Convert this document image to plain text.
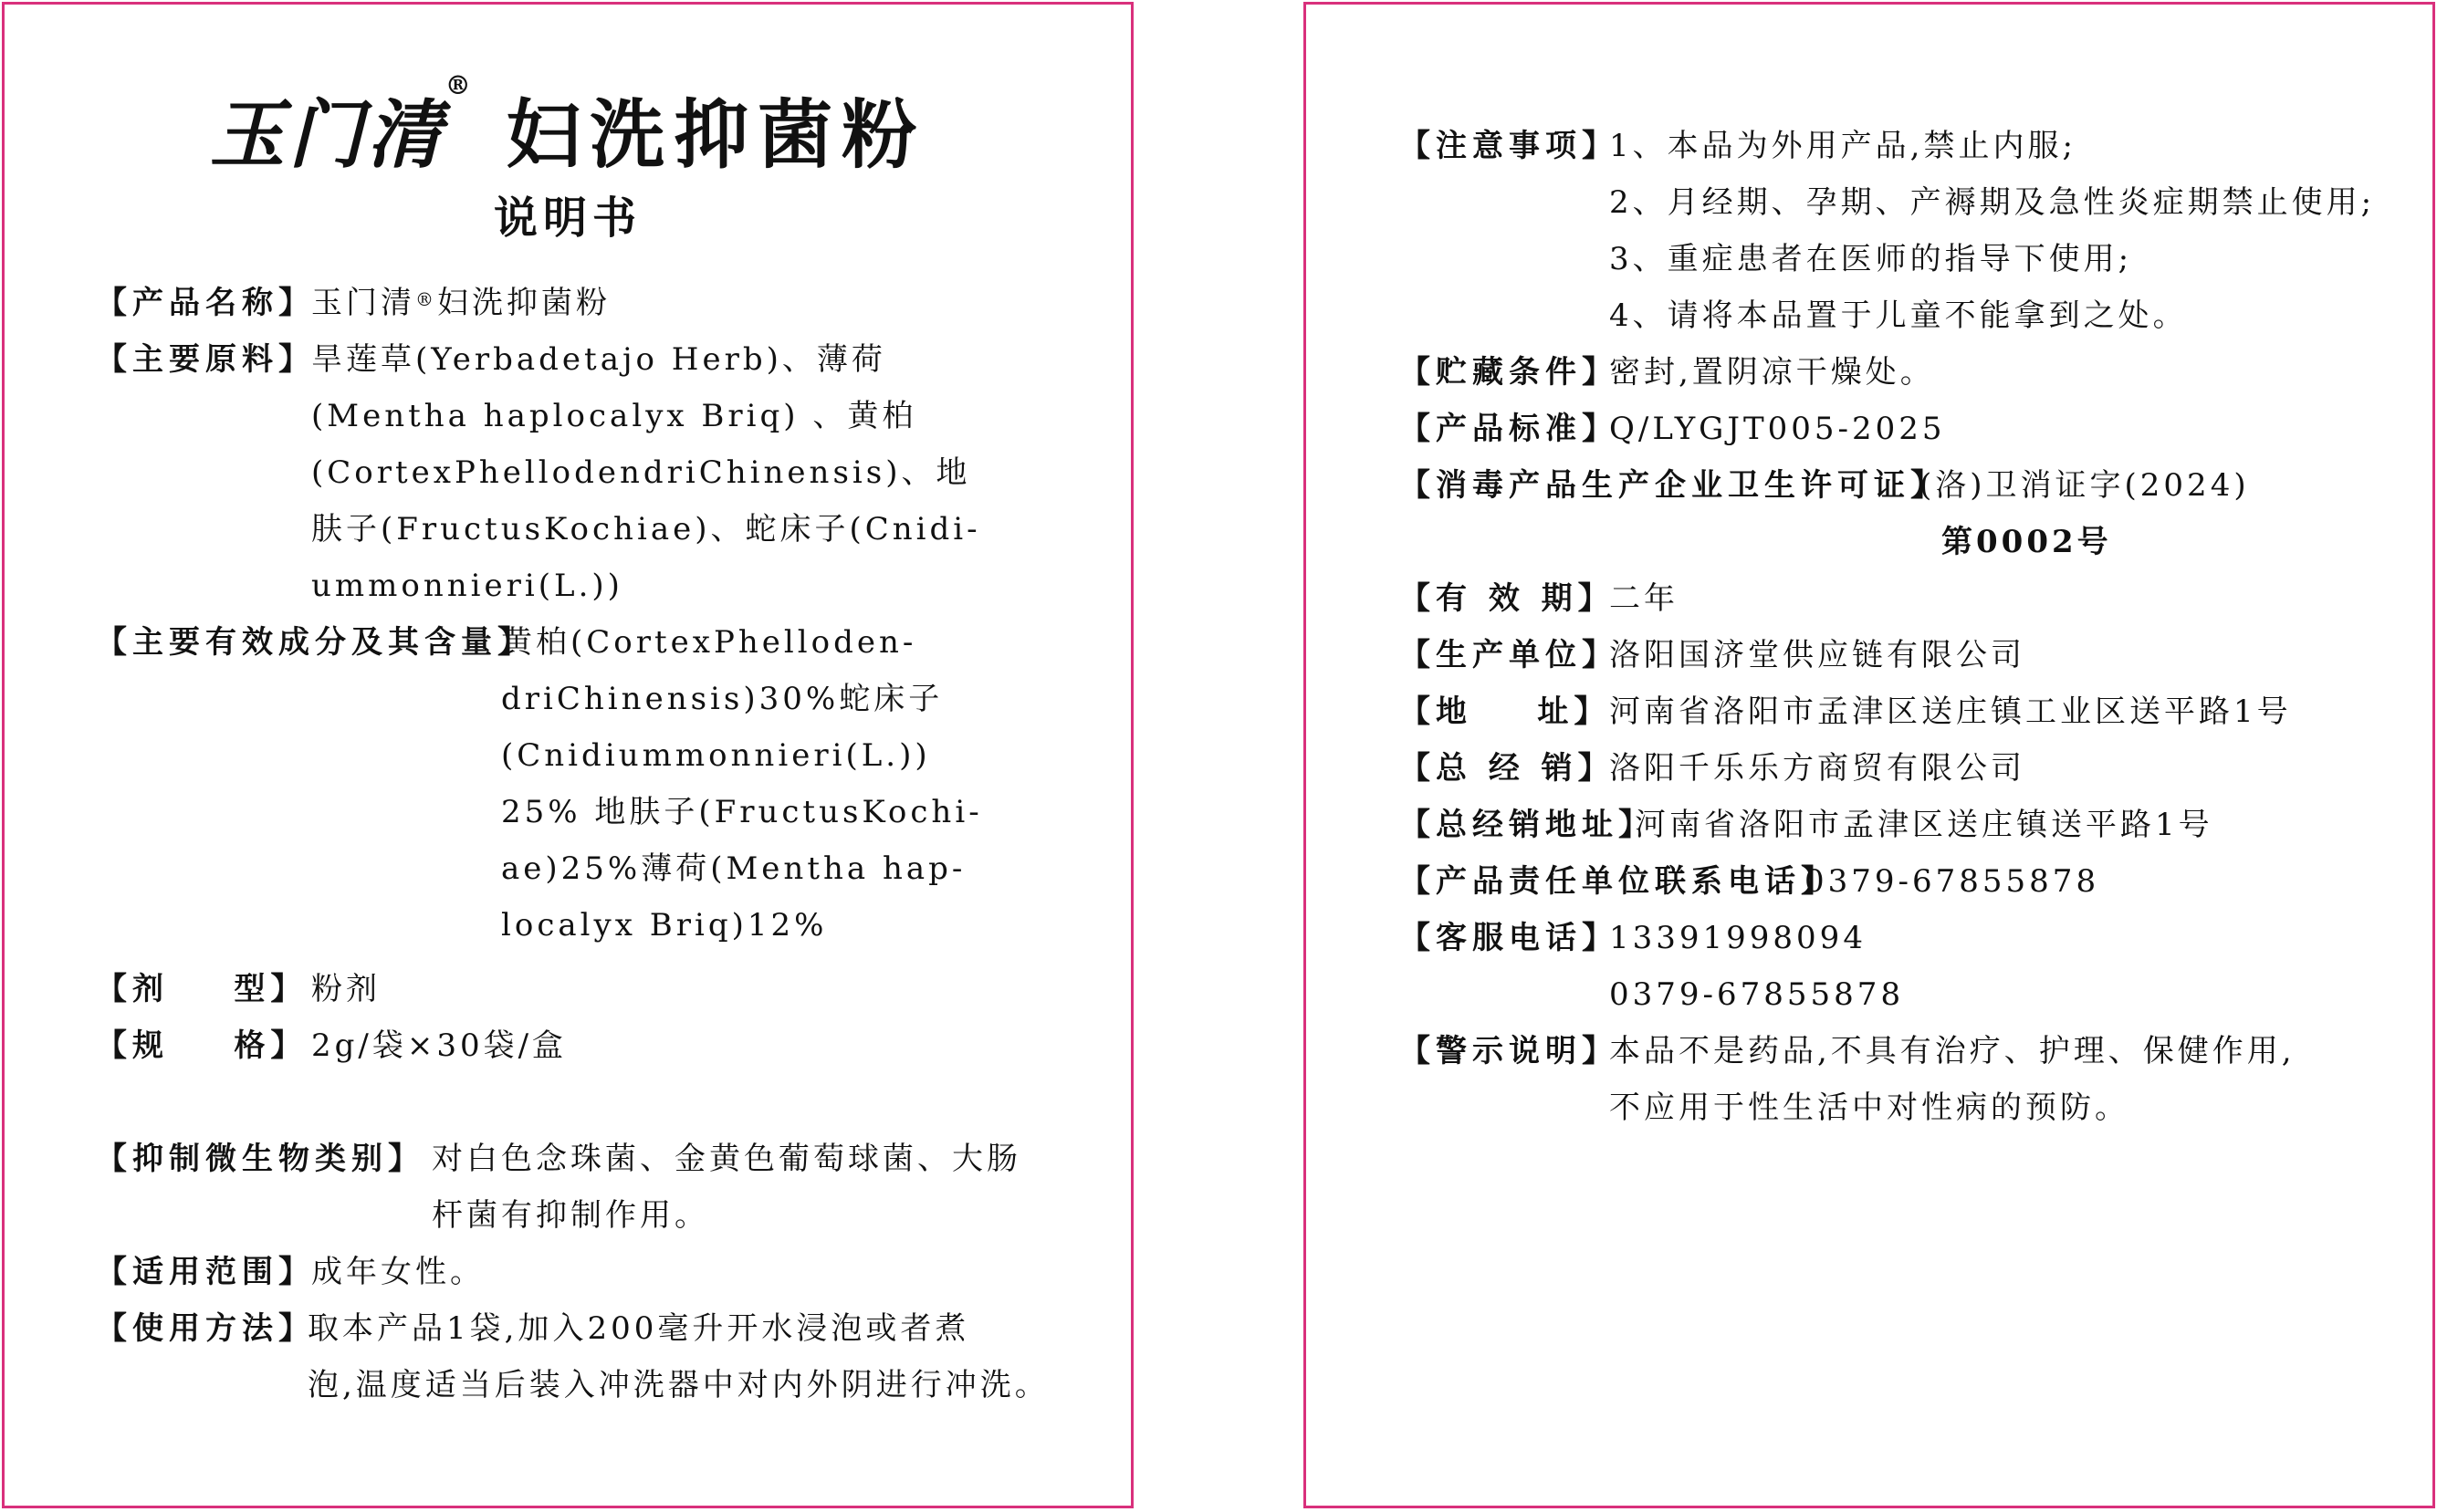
玉门清® 妇洗抑菌粉
说明书
【产品名称】
玉门清®妇洗抑菌粉
【主要原料】
旱莲草(Yerbadetajo Herb)、薄荷
(Mentha haplocalyx Briq) 、黄柏
(CortexPhellodendriChinensis)、地
肤子(FructusKochiae)、蛇床子(Cnidi-
ummonnieri(L.))
【主要有效成分及其含量】
黄柏(CortexPhelloden-
driChinensis)30%蛇床子
(Cnidiummonnieri(L.))
25% 地肤子(FructusKochi-
ae)25%薄荷(Mentha hap-
localyx Briq)12%
【剂    型】 粉剂
【规    格】 2g/袋×30袋/盒
【抑制微生物类别】 对白色念珠菌、金黄色葡萄球菌、大肠
杆菌有抑制作用。
【适用范围】
成年女性。
【使用方法】
取本产品1袋,加入200毫升开水浸泡或者煮
泡,温度适当后装入冲洗器中对内外阴进行冲洗。
【注意事项】
1、本品为外用产品,禁止内服;
2、月经期、孕期、产褥期及急性炎症期禁止使用;
3、重症患者在医师的指导下使用;
4、请将本品置于儿童不能拿到之处。
【贮藏条件】
密封,置阴凉干燥处。
【产品标准】
Q/LYGJT005-2025
【消毒产品生产企业卫生许可证】
(洛)卫消证字(2024)
第0002号
【有 效 期】
二年
【生产单位】
洛阳国济堂供应链有限公司
【地    址】
河南省洛阳市孟津区送庄镇工业区送平路1号
【总 经 销】
洛阳千乐乐方商贸有限公司
【总经销地址】
河南省洛阳市孟津区送庄镇送平路1号
【产品责任单位联系电话】
0379-67855878
【客服电话】
13391998094
0379-67855878
【警示说明】
本品不是药品,不具有治疗、护理、保健作用,
不应用于性生活中对性病的预防。
